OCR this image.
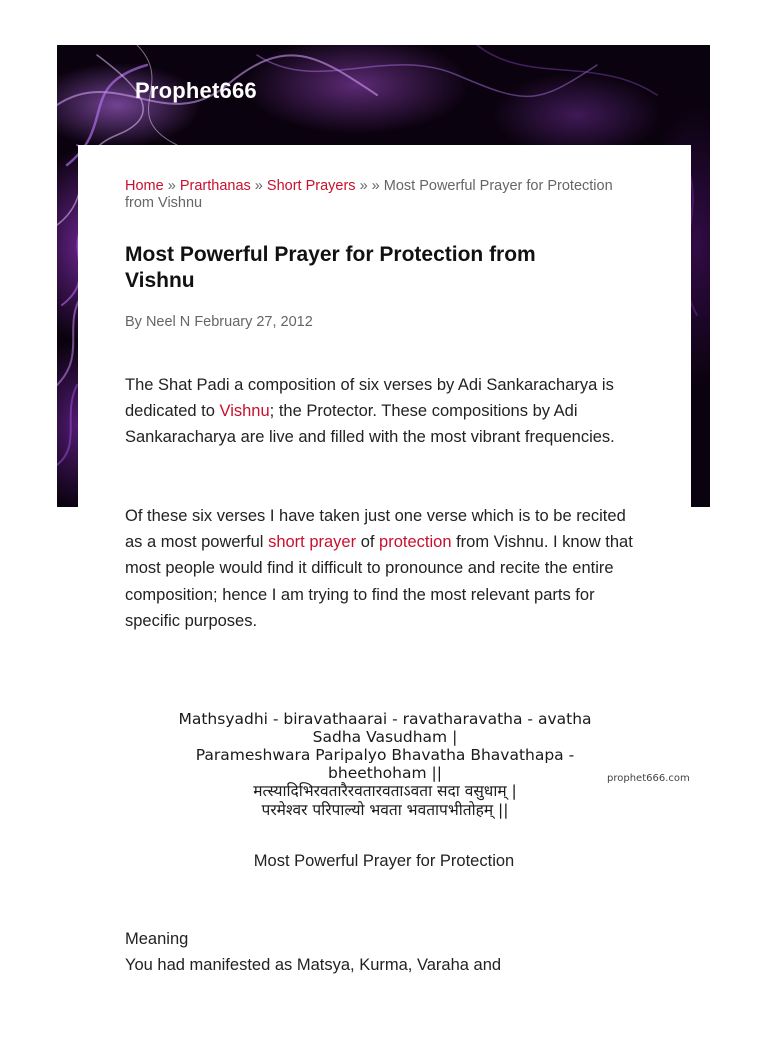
Prophet666
Home » Prarthanas » Short Prayers » » Most Powerful Prayer for Protection from Vishnu
Most Powerful Prayer for Protection from Vishnu
By Neel N February 27, 2012

The Shat Padi a composition of six verses by Adi Sankaracharya is dedicated to Vishnu; the Protector. These compositions by Adi Sankaracharya are live and filled with the most vibrant frequencies.

Of these six verses I have taken just one verse which is to be recited as a most powerful short prayer of protection from Vishnu. I know that most people would find it difficult to pronounce and recite the entire composition; hence I am trying to find the most relevant parts for specific purposes.

Mathsyadhi - biravathaarai - ravatharavatha - avatha

Sadha Vasudham |

Parameshwara Paripalyo Bhavatha Bhavathapa -

bheethoham ||

मत्स्यादिभिरवतारैरवतारवताऽवता सदा वसुधाम् |

परमेश्वर परिपाल्यो भवता भवतापभीतोहम् ||

prophet666.com
Most Powerful Prayer for Protection
Meaning
You had manifested as Matsya, Kurma, Varaha and
